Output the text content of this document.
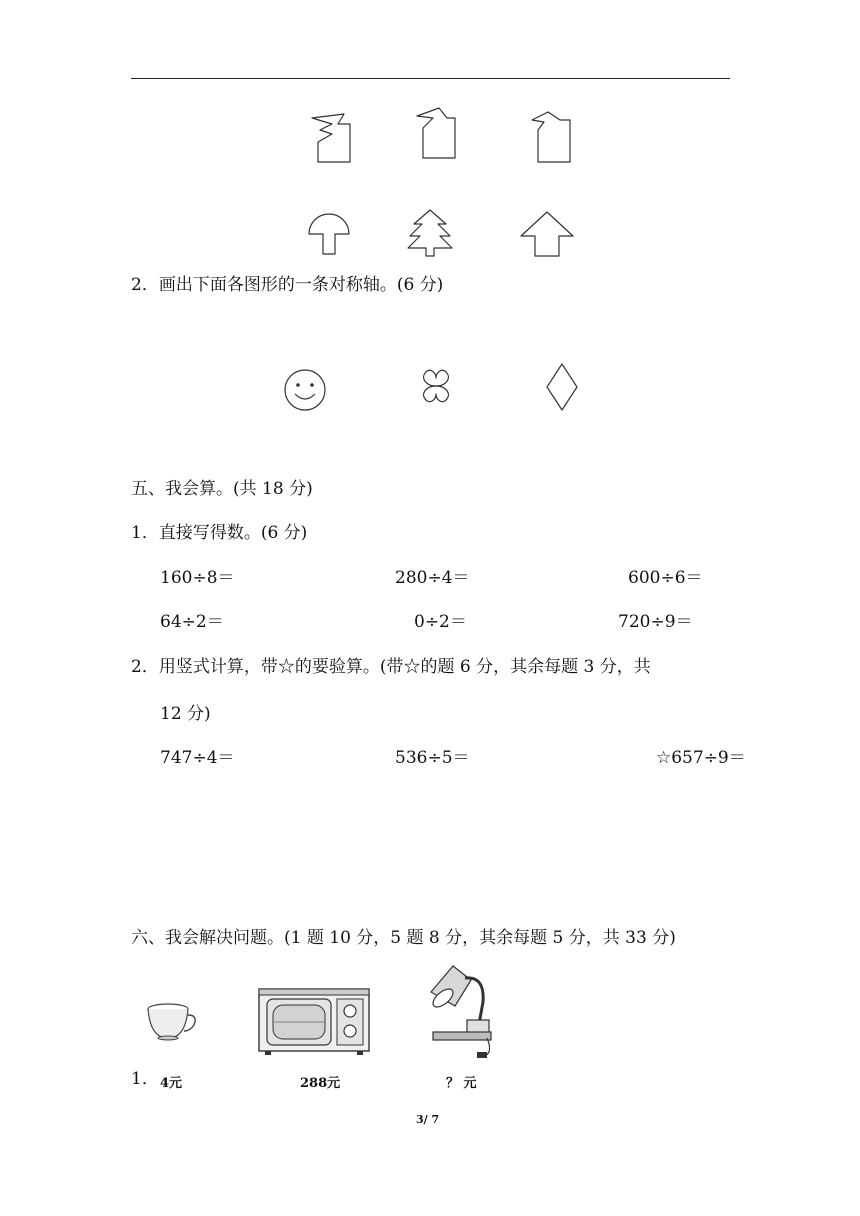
2．画出下面各图形的一条对称轴。(6 分)
五、我会算。(共 18 分)
1．直接写得数。(6 分)
160÷8＝	280÷4＝	600÷6＝
64÷2＝	0÷2＝	720÷9＝
2．用竖式计算，带☆的要验算。(带☆的题 6 分，其余每题 3 分，共
12 分)
747÷4＝	536÷5＝	☆657÷9＝
六、我会解决问题。(1 题 10 分，5 题 8 分，其余每题 5 分，共 33 分)
1． 4元	288元	？ 元
3/ 7
